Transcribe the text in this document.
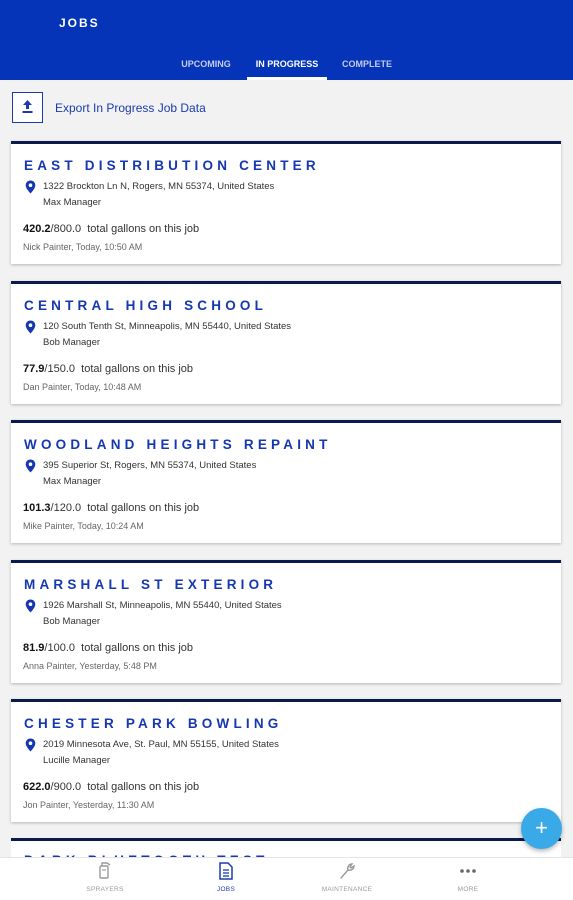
JOBS
UPCOMING	IN PROGRESS	COMPLETE
Export In Progress Job Data
EAST DISTRIBUTION CENTER
1322 Brockton Ln N, Rogers, MN 55374, United States
Max Manager
420.2/800.0 total gallons on this job
Nick Painter, Today, 10:50 AM
CENTRAL HIGH SCHOOL
120 South Tenth St, Minneapolis, MN 55440, United States
Bob Manager
77.9/150.0 total gallons on this job
Dan Painter, Today, 10:48 AM
WOODLAND HEIGHTS REPAINT
395 Superior St, Rogers, MN 55374, United States
Max Manager
101.3/120.0 total gallons on this job
Mike Painter, Today, 10:24 AM
MARSHALL ST EXTERIOR
1926 Marshall St, Minneapolis, MN 55440, United States
Bob Manager
81.9/100.0 total gallons on this job
Anna Painter, Yesterday, 5:48 PM
CHESTER PARK BOWLING
2019 Minnesota Ave, St. Paul, MN 55155, United States
Lucille Manager
622.0/900.0 total gallons on this job
Jon Painter, Yesterday, 11:30 AM
+
SPRAYERS	JOBS	MAINTENANCE	MORE
